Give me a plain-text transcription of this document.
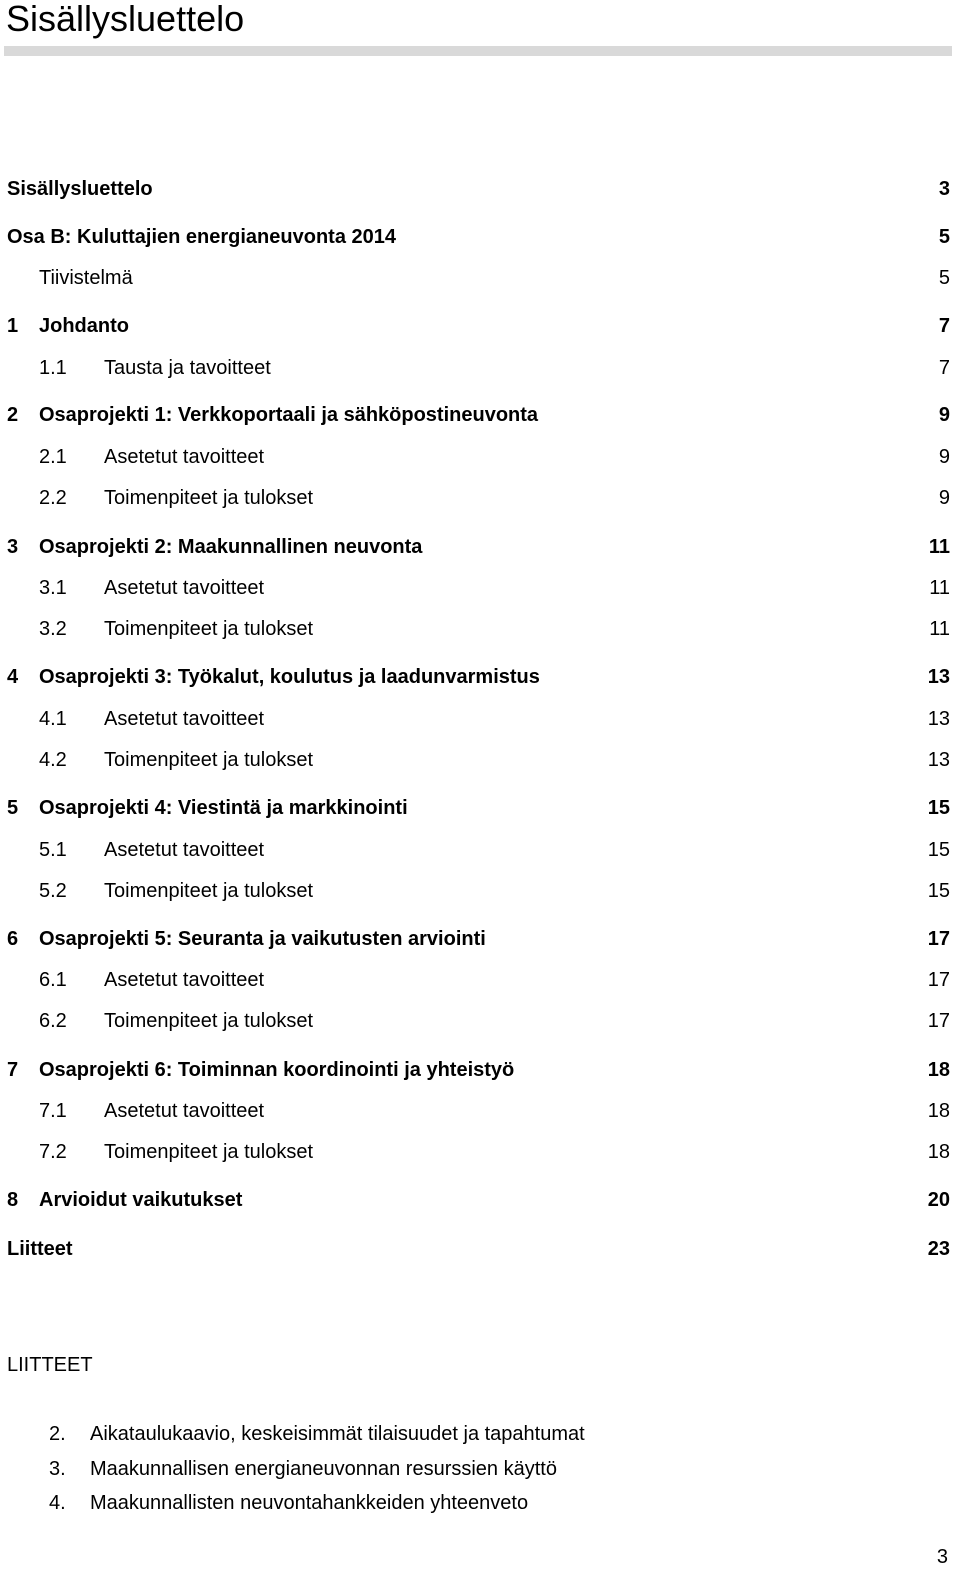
Sisällysluettelo
Sisällysluettelo	3
Osa B: Kuluttajien energianeuvonta 2014	5
Tiivistelmä	5
1 Johdanto	7
1.1 Tausta ja tavoitteet	7
2 Osaprojekti 1: Verkkoportaali ja sähköpostineuvonta	9
2.1 Asetetut tavoitteet	9
2.2 Toimenpiteet ja tulokset	9
3 Osaprojekti 2: Maakunnallinen neuvonta	11
3.1 Asetetut tavoitteet	11
3.2 Toimenpiteet ja tulokset	11
4 Osaprojekti 3: Työkalut, koulutus ja laadunvarmistus	13
4.1 Asetetut tavoitteet	13
4.2 Toimenpiteet ja tulokset	13
5 Osaprojekti 4: Viestintä ja markkinointi	15
5.1 Asetetut tavoitteet	15
5.2 Toimenpiteet ja tulokset	15
6 Osaprojekti 5: Seuranta ja vaikutusten arviointi	17
6.1 Asetetut tavoitteet	17
6.2 Toimenpiteet ja tulokset	17
7 Osaprojekti 6: Toiminnan koordinointi ja yhteistyö	18
7.1 Asetetut tavoitteet	18
7.2 Toimenpiteet ja tulokset	18
8 Arvioidut vaikutukset	20
Liitteet	23
LIITTEET
2. Aikataulukaavio, keskeisimmät tilaisuudet ja tapahtumat
3. Maakunnallisen energianeuvonnan resurssien käyttö
4. Maakunnallisten neuvontahankkeiden yhteenveto
3
